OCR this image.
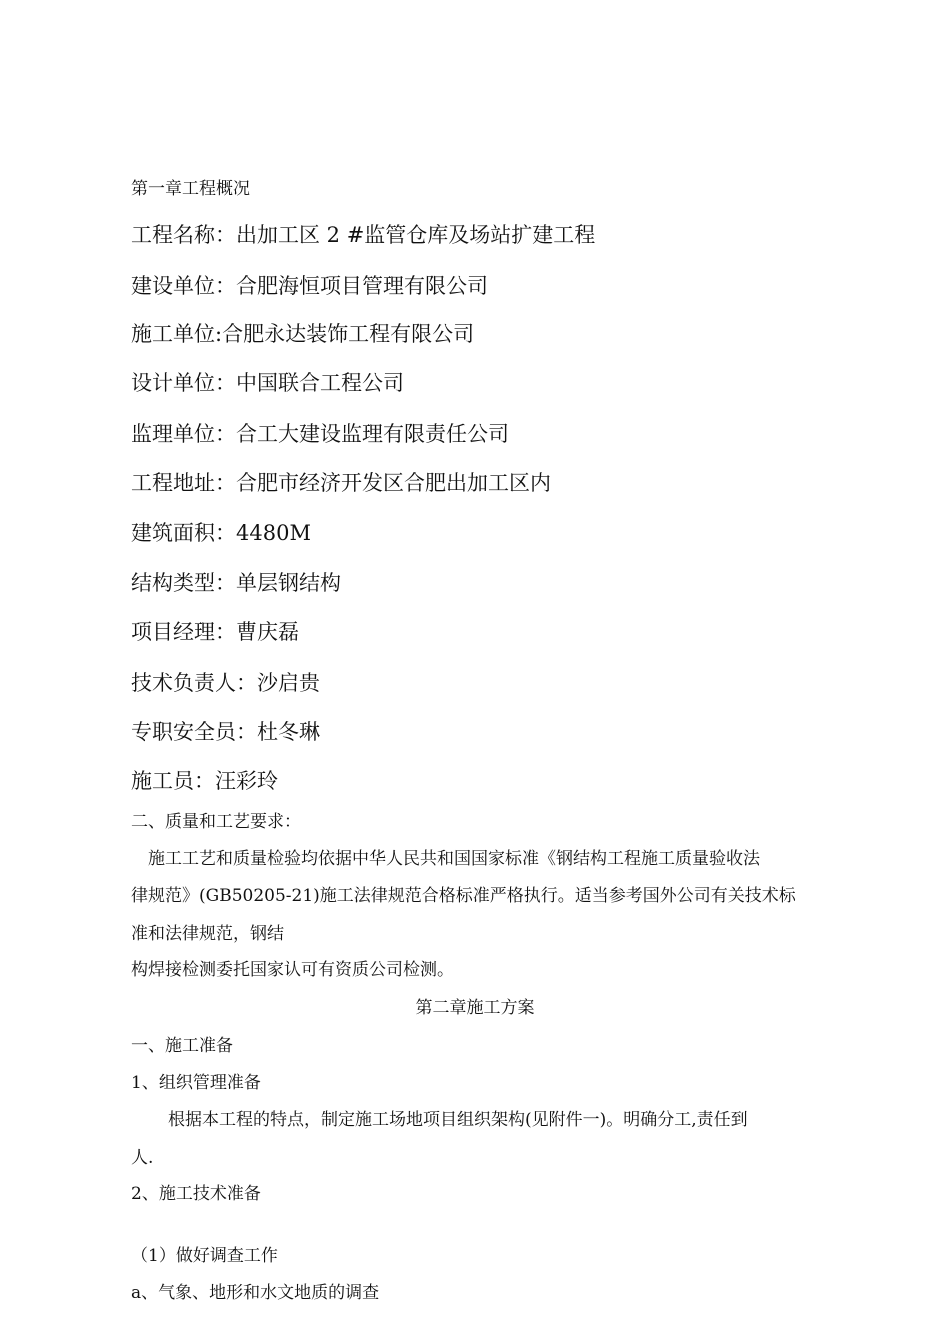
第一章工程概况
工程名称：出加工区 2 #监管仓库及场站扩建工程
建设单位：合肥海恒项目管理有限公司
施工单位:合肥永达装饰工程有限公司
设计单位：中国联合工程公司
监理单位：合工大建设监理有限责任公司
工程地址：合肥市经济开发区合肥出加工区内
建筑面积：4480M
结构类型：单层钢结构
项目经理：曹庆磊
技术负责人：沙启贵
专职安全员：杜冬琳
施工员：汪彩玲
二、质量和工艺要求：
施工工艺和质量检验均依据中华人民共和国国家标准《钢结构工程施工质量验收法
律规范》(GB50205-21)施工法律规范合格标准严格执行。适当参考国外公司有关技术标
准和法律规范，钢结
构焊接检测委托国家认可有资质公司检测。
第二章施工方案
一、施工准备
1、组织管理准备
根据本工程的特点，制定施工场地项目组织架构(见附件一)。明确分工,责任到
人.
2、施工技术准备
（1）做好调查工作
a、气象、地形和水文地质的调查
